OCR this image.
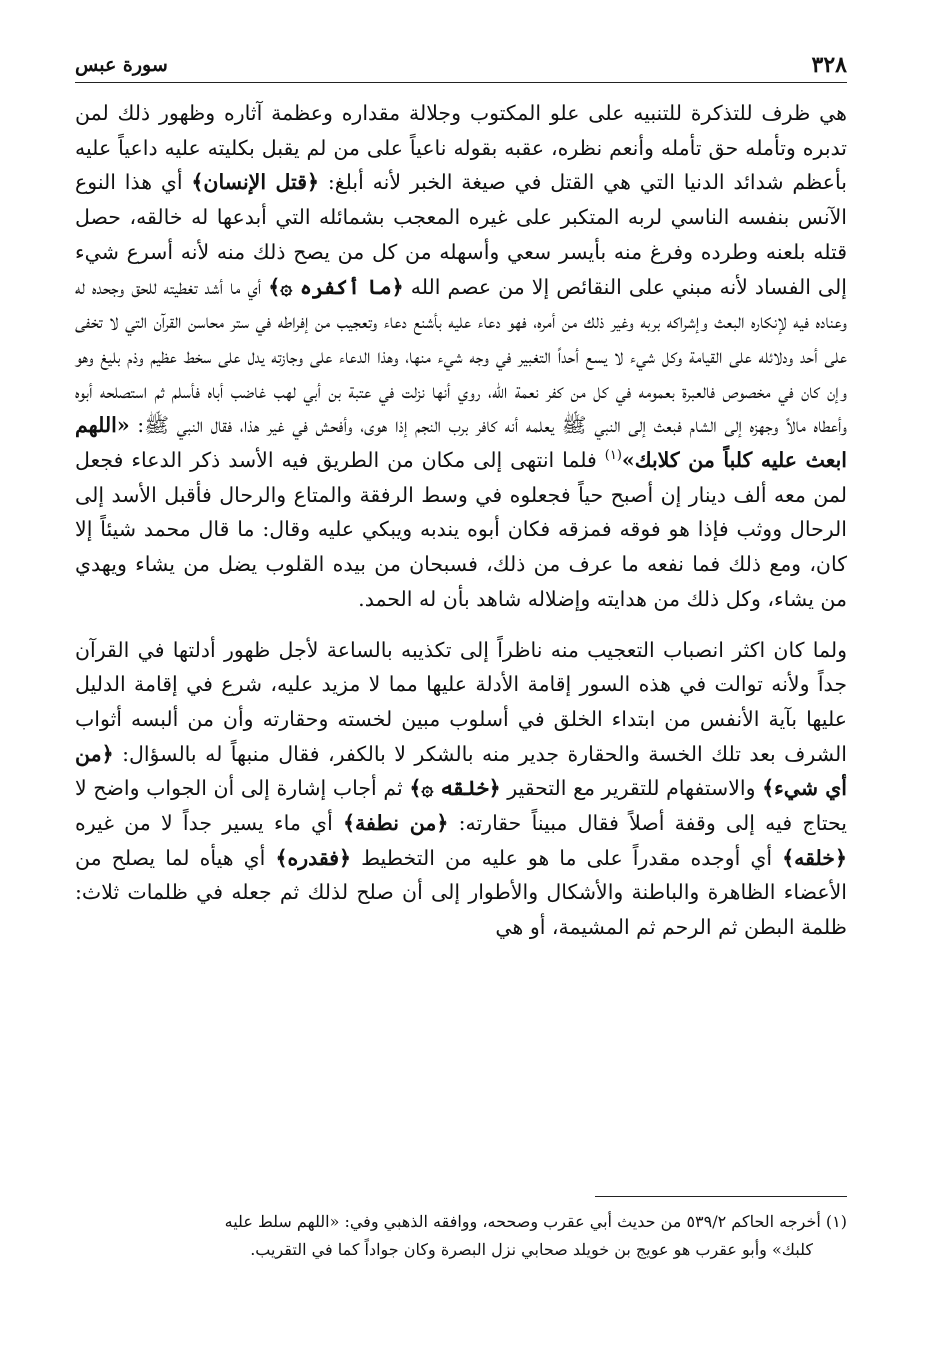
٣٢٨
سورة عبس

هي ظرف للتذكرة للتنبيه على علو المكتوب وجلالة مقداره وعظمة آثاره وظهور ذلك لمن تدبره وتأمله حق تأمله وأنعم نظره، عقبه بقوله ناعياً على من لم يقبل بكليته عليه داعياً عليه بأعظم شدائد الدنيا التي هي القتل في صيغة الخبر لأنه أبلغ: ﴿قتل الإنسان﴾ أي هذا النوع الآنس بنفسه الناسي لربه المتكبر على غيره المعجب بشمائله التي أبدعها له خالقه، حصل قتله بلعنه وطرده وفرغ منه بأيسر سعي وأسهله من كل من يصح ذلك منه لأنه أسرع شيء إلى الفساد لأنه مبني على النقائص إلا من عصم الله ﴿ما أكفره ۞﴾ أي ما أشد تغطيته للحق وجحده له وعناده فيه لإنكاره البعث وإشراكه بربه وغير ذلك من أمره، فهو دعاء عليه بأشنع دعاء وتعجيب من إفراطه في ستر محاسن القرآن التي لا تخفى على أحد ودلائله على القيامة وكل شيء لا يسع أحداً التغبير في وجه شيء منها، وهذا الدعاء على وجازته يدل على سخط عظيم وذم بليغ وهو وإن كان في مخصوص فالعبرة بعمومه في كل من كفر نعمة الله، روي أنها نزلت في عتبة بن أبي لهب غاضب أباه فأسلم ثم استصلحه أبوه وأعطاه مالاً وجهزه إلى الشام فبعث إلى النبي ﷺ يعلمه أنه كافر برب النجم إذا هوى، وأفحش في غير هذا، فقال النبي ﷺ: «اللهم ابعث عليه كلباً من كلابك»$^{(١)}$ فلما انتهى إلى مكان من الطريق فيه الأسد ذكر الدعاء فجعل لمن معه ألف دينار إن أصبح حياً فجعلوه في وسط الرفقة والمتاع والرحال فأقبل الأسد إلى الرحال ووثب فإذا هو فوقه فمزقه فكان أبوه يندبه ويبكي عليه وقال: ما قال محمد شيئاً إلا كان، ومع ذلك فما نفعه ما عرف من ذلك، فسبحان من بيده القلوب يضل من يشاء ويهدي من يشاء، وكل ذلك من هدايته وإضلاله شاهد بأن له الحمد.

ولما كان اكثر انصباب التعجيب منه ناظراً إلى تكذيبه بالساعة لأجل ظهور أدلتها في القرآن جداً ولأنه توالت في هذه السور إقامة الأدلة عليها مما لا مزيد عليه، شرع في إقامة الدليل عليها بآية الأنفس من ابتداء الخلق في أسلوب مبين لخسته وحقارته وأن من ألبسه أثواب الشرف بعد تلك الخسة والحقارة جدير منه بالشكر لا بالكفر، فقال منبهاً له بالسؤال: ﴿من أي شيء﴾ والاستفهام للتقرير مع التحقير ﴿خلقه ۞﴾ ثم أجاب إشارة إلى أن الجواب واضح لا يحتاج فيه إلى وقفة أصلاً فقال مبيناً حقارته: ﴿من نطفة﴾ أي ماء يسير جداً لا من غيره ﴿خلقه﴾ أي أوجده مقدراً على ما هو عليه من التخطيط ﴿فقدره﴾ أي هيأه لما يصلح من الأعضاء الظاهرة والباطنة والأشكال والأطوار إلى أن صلح لذلك ثم جعله في ظلمات ثلاث: ظلمة البطن ثم الرحم ثم المشيمة، أو هي

(١) أخرجه الحاكم ٥٣٩/٢ من حديث أبي عقرب وصححه، ووافقه الذهبي وفي: «اللهم سلط عليه
كلبك» وأبو عقرب هو عويج بن خويلد صحابي نزل البصرة وكان جواداً كما في التقريب.
